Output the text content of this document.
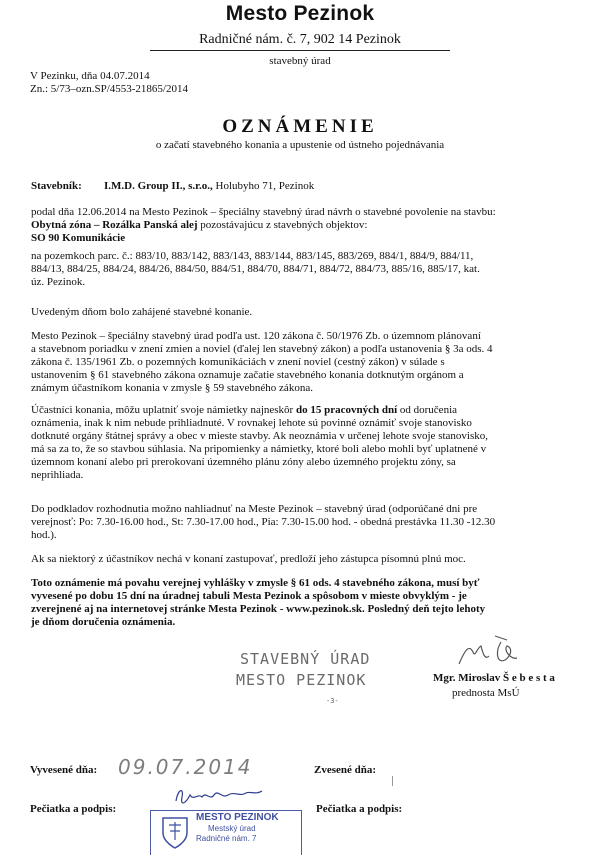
Mesto Pezinok
Radničné nám. č. 7, 902 14 Pezinok
stavebný úrad
V Pezinku, dňa 04.07.2014
Zn.: 5/73–ozn.SP/4553-21865/2014
OZNÁMENIE
o začatí stavebného konania a upustenie od ústneho pojednávania
Stavebník: I.M.D. Group II., s.r.o., Holubyho 71, Pezinok
podal dňa 12.06.2014 na Mesto Pezinok – špeciálny stavebný úrad návrh o stavebné povolenie na stavbu:
Obytná zóna – Rozálka Panská alej pozostávajúcu z stavebných objektov:
SO 90 Komunikácie
na pozemkoch parc. č.: 883/10, 883/142, 883/143, 883/144, 883/145, 883/269, 884/1, 884/9, 884/11,
884/13, 884/25, 884/24, 884/26, 884/50, 884/51, 884/70, 884/71, 884/72, 884/73, 885/16, 885/17, kat.
úz. Pezinok.
Uvedeným dňom bolo zahájené stavebné konanie.
Mesto Pezinok – špeciálny stavebný úrad podľa ust. 120 zákona č. 50/1976 Zb. o územnom plánovaní
a stavebnom poriadku v znení zmien a noviel (ďalej len stavebný zákon) a podľa ustanovenia § 3a ods. 4
zákona č. 135/1961 Zb. o pozemných komunikáciách v znení noviel (cestný zákon) v súlade s
ustanovením § 61 stavebného zákona oznamuje začatie stavebného konania dotknutým orgánom a
známym účastníkom konania v zmysle § 59 stavebného zákona.
Účastníci konania, môžu uplatniť svoje námietky najneskôr do 15 pracovných dní od doručenia
oznámenia, inak k nim nebude prihliadnuté. V rovnakej lehote sú povinné oznámiť svoje stanovisko
dotknuté orgány štátnej správy a obec v mieste stavby. Ak neoznámia v určenej lehote svoje stanovisko,
má sa za to, že so stavbou súhlasia. Na pripomienky a námietky, ktoré boli alebo mohli byť uplatnené v
územnom konaní alebo pri prerokovaní územného plánu zóny alebo územného projektu zóny, sa
neprihliada.
Do podkladov rozhodnutia možno nahliadnuť na Meste Pezinok – stavebný úrad (odporúčané dni pre
verejnosť: Po: 7.30-16.00 hod., St: 7.30-17.00 hod., Pia: 7.30-15.00 hod. - obedná prestávka 11.30 -12.30
hod.).
Ak sa niektorý z účastníkov nechá v konaní zastupovať, predloží jeho zástupca písomnú plnú moc.
Toto oznámenie má povahu verejnej vyhlášky v zmysle § 61 ods. 4 stavebného zákona, musí byť
vyvesené po dobu 15 dní na úradnej tabuli Mesta Pezinok a spôsobom v mieste obvyklým - je
zverejnené aj na internetovej stránke Mesta Pezinok - www.pezinok.sk. Posledný deň tejto lehoty
je dňom doručenia oznámenia.
STAVEBNÝ ÚRAD
MESTO PEZINOK
-3-
Mgr. Miroslav Š e b e s t a
prednosta MsÚ
Vyvesené dňa: 09.07.2014	Zvesené dňa:
Pečiatka a podpis:	Pečiatka a podpis:
MESTO PEZINOK
Mestský úrad
Radničné nám. 7
